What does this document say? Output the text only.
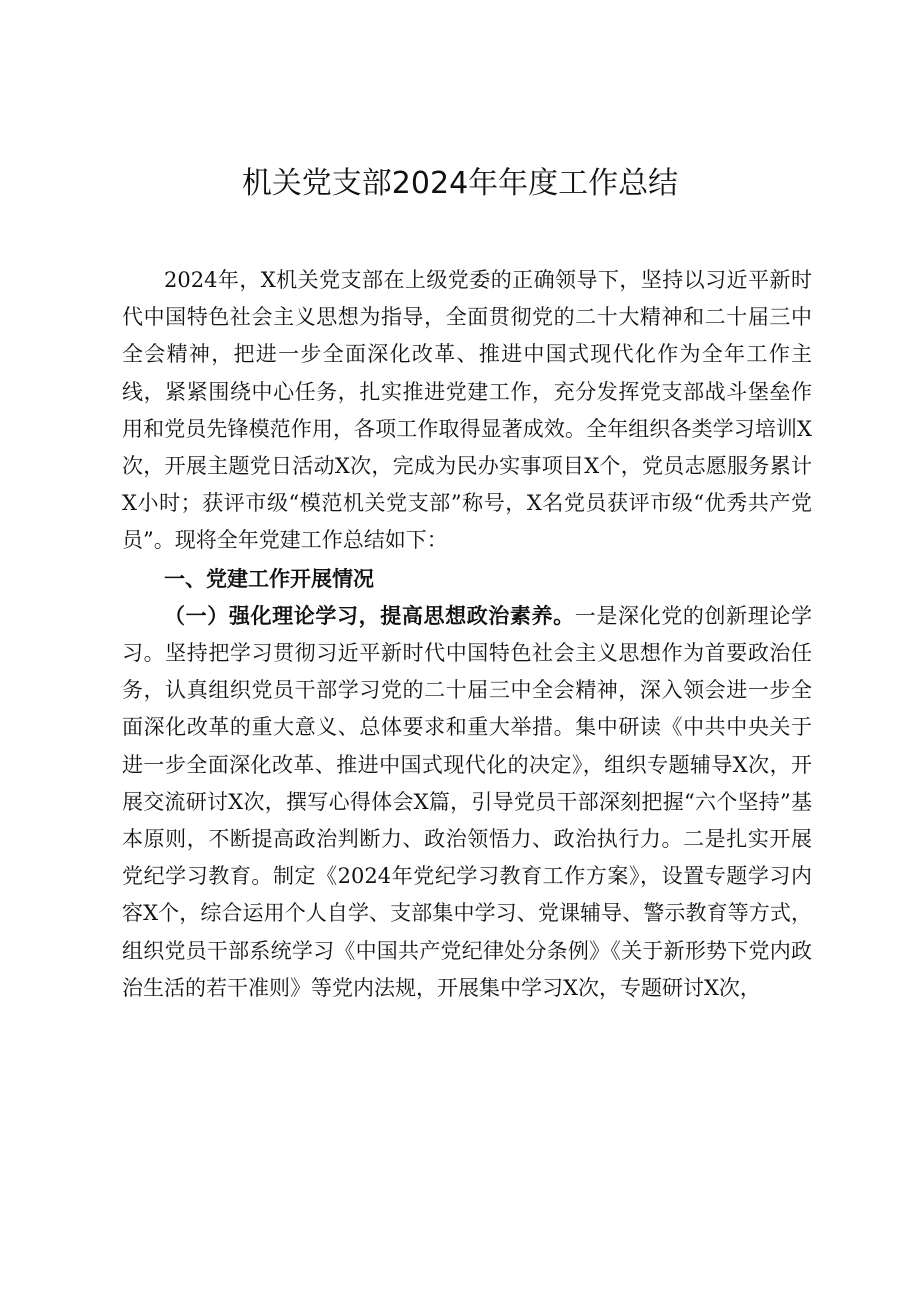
机关党支部2024年年度工作总结

2024年，X机关党支部在上级党委的正确领导下，坚持以习近平新时代中国特色社会主义思想为指导，全面贯彻党的二十大精神和二十届三中全会精神，把进一步全面深化改革、推进中国式现代化作为全年工作主线，紧紧围绕中心任务，扎实推进党建工作，充分发挥党支部战斗堡垒作用和党员先锋模范作用，各项工作取得显著成效。全年组织各类学习培训X次，开展主题党日活动X次，完成为民办实事项目X个，党员志愿服务累计X小时；获评市级“模范机关党支部”称号，X名党员获评市级“优秀共产党员”。现将全年党建工作总结如下：

一、党建工作开展情况

（一）强化理论学习，提高思想政治素养。一是深化党的创新理论学习。坚持把学习贯彻习近平新时代中国特色社会主义思想作为首要政治任务，认真组织党员干部学习党的二十届三中全会精神，深入领会进一步全面深化改革的重大意义、总体要求和重大举措。集中研读《中共中央关于进一步全面深化改革、推进中国式现代化的决定》，组织专题辅导X次，开展交流研讨X次，撰写心得体会X篇，引导党员干部深刻把握“六个坚持”基本原则，不断提高政治判断力、政治领悟力、政治执行力。二是扎实开展党纪学习教育。制定《2024年党纪学习教育工作方案》，设置专题学习内容X个，综合运用个人自学、支部集中学习、党课辅导、警示教育等方式，组织党员干部系统学习《中国共产党纪律处分条例》《关于新形势下党内政治生活的若干准则》等党内法规，开展集中学习X次，专题研讨X次，
